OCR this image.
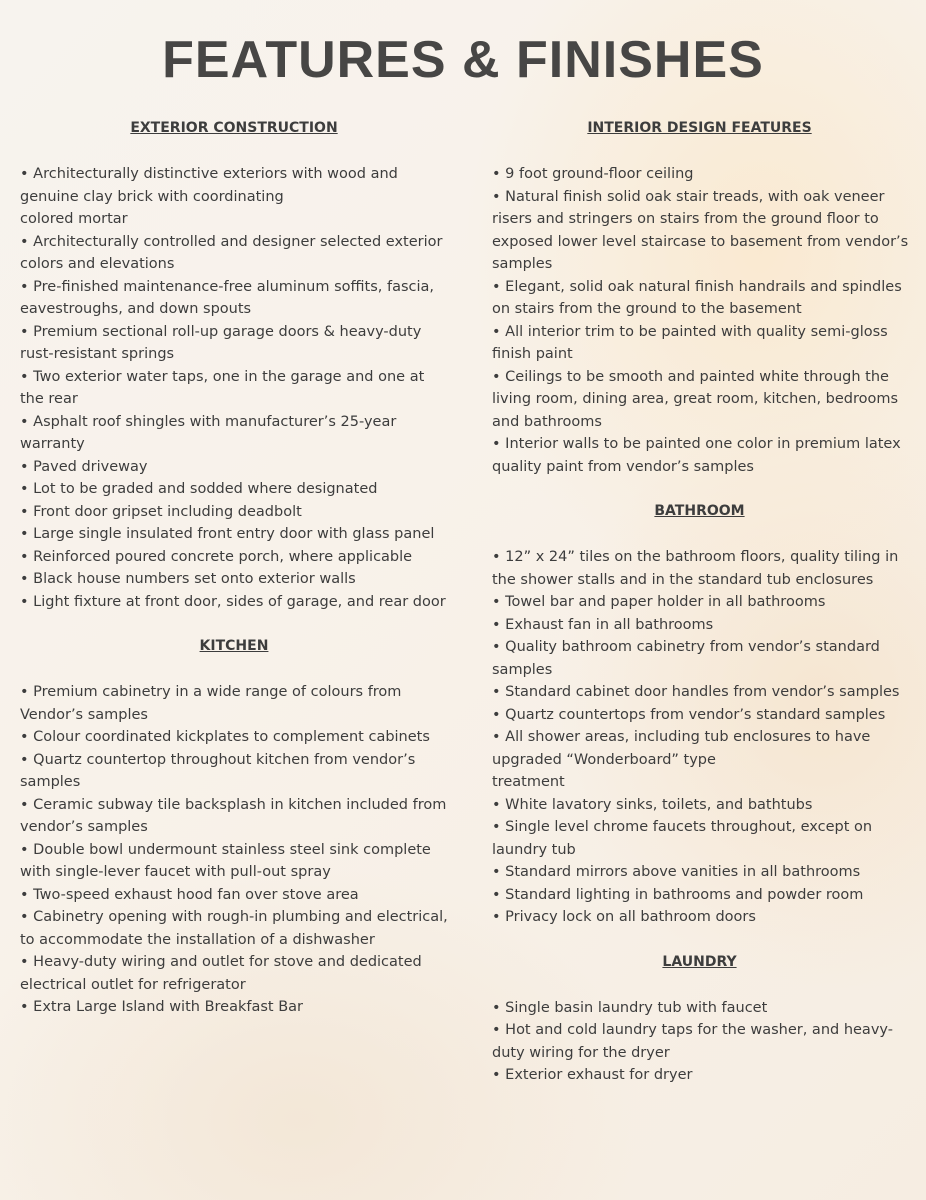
FEATURES & FINISHES
EXTERIOR CONSTRUCTION
• Architecturally distinctive exteriors with wood and genuine clay brick with coordinating
colored mortar
• Architecturally controlled and designer selected exterior colors and elevations
• Pre-finished maintenance-free aluminum soffits, fascia, eavestroughs, and down spouts
• Premium sectional roll-up garage doors & heavy-duty rust-resistant springs
• Two exterior water taps, one in the garage and one at the rear
• Asphalt roof shingles with manufacturer’s 25-year warranty
• Paved driveway
• Lot to be graded and sodded where designated
• Front door gripset including deadbolt
• Large single insulated front entry door with glass panel
• Reinforced poured concrete porch, where applicable
• Black house numbers set onto exterior walls
• Light fixture at front door, sides of garage, and rear door
KITCHEN
• Premium cabinetry in a wide range of colours from Vendor’s samples
• Colour coordinated kickplates to complement cabinets
• Quartz countertop throughout kitchen from vendor’s samples
• Ceramic subway tile backsplash in kitchen included from vendor’s samples
• Double bowl undermount stainless steel sink complete with single-lever faucet with pull-out spray
• Two-speed exhaust hood fan over stove area
• Cabinetry opening with rough-in plumbing and electrical, to accommodate the installation of a dishwasher
• Heavy-duty wiring and outlet for stove and dedicated electrical outlet for refrigerator
• Extra Large Island with Breakfast Bar
INTERIOR DESIGN FEATURES
• 9 foot ground-floor ceiling
• Natural finish solid oak stair treads, with oak veneer risers and stringers on stairs from the ground floor to exposed lower level staircase to basement from vendor’s samples
• Elegant, solid oak natural finish handrails and spindles on stairs from the ground to the basement
• All interior trim to be painted with quality semi-gloss finish paint
• Ceilings to be smooth and painted white through the living room, dining area, great room, kitchen, bedrooms and bathrooms
• Interior walls to be painted one color in premium latex quality paint from vendor’s samples
BATHROOM
• 12” x 24” tiles on the bathroom floors, quality tiling in the shower stalls and in the standard tub enclosures
• Towel bar and paper holder in all bathrooms
• Exhaust fan in all bathrooms
• Quality bathroom cabinetry from vendor’s standard samples
• Standard cabinet door handles from vendor’s samples
• Quartz countertops from vendor’s standard samples
• All shower areas, including tub enclosures to have upgraded “Wonderboard” type
treatment
• White lavatory sinks, toilets, and bathtubs
• Single level chrome faucets throughout, except on laundry tub
• Standard mirrors above vanities in all bathrooms
• Standard lighting in bathrooms and powder room
• Privacy lock on all bathroom doors
LAUNDRY
• Single basin laundry tub with faucet
• Hot and cold laundry taps for the washer, and heavy-duty wiring for the dryer
• Exterior exhaust for dryer
